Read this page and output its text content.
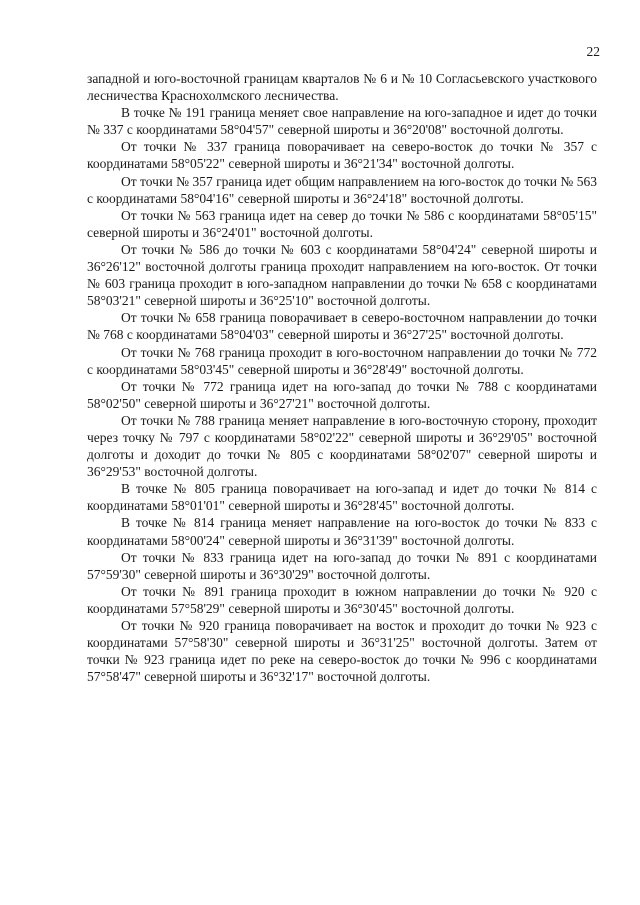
22

западной и юго-восточной границам кварталов № 6 и № 10 Согласьевского участкового лесничества Краснохолмского лесничества.

В точке № 191 граница меняет свое направление на юго-западное и идет до точки № 337 с координатами 58°04'57" северной широты и 36°20'08" восточной долготы.

От точки № 337 граница поворачивает на северо-восток до точки № 357 с координатами 58°05'22" северной широты и 36°21'34" восточной долготы.

От точки № 357 граница идет общим направлением на юго-восток до точки № 563 с координатами 58°04'16" северной широты и 36°24'18" восточной долготы.

От точки № 563 граница идет на север до точки № 586 с координатами 58°05'15" северной широты и 36°24'01" восточной долготы.

От точки № 586 до точки № 603 с координатами 58°04'24" северной широты и 36°26'12" восточной долготы граница проходит направлением на юго-восток. От точки № 603 граница проходит в юго-западном направлении до точки № 658 с координатами 58°03'21" северной широты и 36°25'10" восточной долготы.

От точки № 658 граница поворачивает в северо-восточном направлении до точки № 768 с координатами 58°04'03" северной широты и 36°27'25" восточной долготы.

От точки № 768 граница проходит в юго-восточном направлении до точки № 772 с координатами 58°03'45" северной широты и 36°28'49" восточной долготы.

От точки № 772 граница идет на юго-запад до точки № 788 с координатами 58°02'50" северной широты и 36°27'21" восточной долготы.

От точки № 788 граница меняет направление в юго-восточную сторону, проходит через точку № 797 с координатами 58°02'22" северной широты и 36°29'05" восточной долготы и доходит до точки № 805 с координатами 58°02'07" северной широты и 36°29'53" восточной долготы.

В точке № 805 граница поворачивает на юго-запад и идет до точки № 814 с координатами 58°01'01" северной широты и 36°28'45" восточной долготы.

В точке № 814 граница меняет направление на юго-восток до точки № 833 с координатами 58°00'24" северной широты и 36°31'39" восточной долготы.

От точки № 833 граница идет на юго-запад до точки № 891 с координатами 57°59'30" северной широты и 36°30'29" восточной долготы.

От точки № 891 граница проходит в южном направлении до точки № 920 с координатами 57°58'29" северной широты и 36°30'45" восточной долготы.

От точки № 920 граница поворачивает на восток и проходит до точки № 923 с координатами 57°58'30" северной широты и 36°31'25" восточной долготы. Затем от точки № 923 граница идет по реке на северо-восток до точки № 996 с координатами 57°58'47" северной широты и 36°32'17" восточной долготы.
